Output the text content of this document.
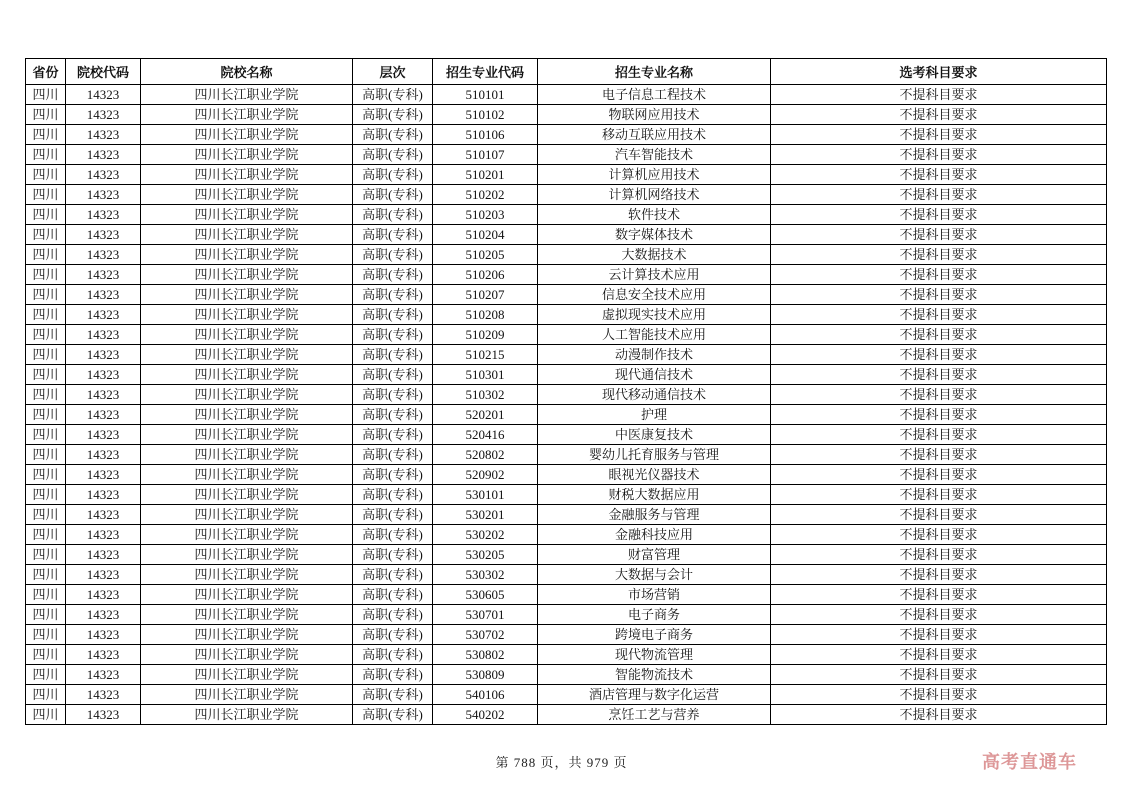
省份	院校代码	院校名称	层次	招生专业代码	招生专业名称	选考科目要求
四川	14323	四川长江职业学院	高职(专科)	510101	电子信息工程技术	不提科目要求
四川	14323	四川长江职业学院	高职(专科)	510102	物联网应用技术	不提科目要求
四川	14323	四川长江职业学院	高职(专科)	510106	移动互联应用技术	不提科目要求
四川	14323	四川长江职业学院	高职(专科)	510107	汽车智能技术	不提科目要求
四川	14323	四川长江职业学院	高职(专科)	510201	计算机应用技术	不提科目要求
四川	14323	四川长江职业学院	高职(专科)	510202	计算机网络技术	不提科目要求
四川	14323	四川长江职业学院	高职(专科)	510203	软件技术	不提科目要求
四川	14323	四川长江职业学院	高职(专科)	510204	数字媒体技术	不提科目要求
四川	14323	四川长江职业学院	高职(专科)	510205	大数据技术	不提科目要求
四川	14323	四川长江职业学院	高职(专科)	510206	云计算技术应用	不提科目要求
四川	14323	四川长江职业学院	高职(专科)	510207	信息安全技术应用	不提科目要求
四川	14323	四川长江职业学院	高职(专科)	510208	虚拟现实技术应用	不提科目要求
四川	14323	四川长江职业学院	高职(专科)	510209	人工智能技术应用	不提科目要求
四川	14323	四川长江职业学院	高职(专科)	510215	动漫制作技术	不提科目要求
四川	14323	四川长江职业学院	高职(专科)	510301	现代通信技术	不提科目要求
四川	14323	四川长江职业学院	高职(专科)	510302	现代移动通信技术	不提科目要求
四川	14323	四川长江职业学院	高职(专科)	520201	护理	不提科目要求
四川	14323	四川长江职业学院	高职(专科)	520416	中医康复技术	不提科目要求
四川	14323	四川长江职业学院	高职(专科)	520802	婴幼儿托育服务与管理	不提科目要求
四川	14323	四川长江职业学院	高职(专科)	520902	眼视光仪器技术	不提科目要求
四川	14323	四川长江职业学院	高职(专科)	530101	财税大数据应用	不提科目要求
四川	14323	四川长江职业学院	高职(专科)	530201	金融服务与管理	不提科目要求
四川	14323	四川长江职业学院	高职(专科)	530202	金融科技应用	不提科目要求
四川	14323	四川长江职业学院	高职(专科)	530205	财富管理	不提科目要求
四川	14323	四川长江职业学院	高职(专科)	530302	大数据与会计	不提科目要求
四川	14323	四川长江职业学院	高职(专科)	530605	市场营销	不提科目要求
四川	14323	四川长江职业学院	高职(专科)	530701	电子商务	不提科目要求
四川	14323	四川长江职业学院	高职(专科)	530702	跨境电子商务	不提科目要求
四川	14323	四川长江职业学院	高职(专科)	530802	现代物流管理	不提科目要求
四川	14323	四川长江职业学院	高职(专科)	530809	智能物流技术	不提科目要求
四川	14323	四川长江职业学院	高职(专科)	540106	酒店管理与数字化运营	不提科目要求
四川	14323	四川长江职业学院	高职(专科)	540202	烹饪工艺与营养	不提科目要求
第 788 页，共 979 页	高考直通车
